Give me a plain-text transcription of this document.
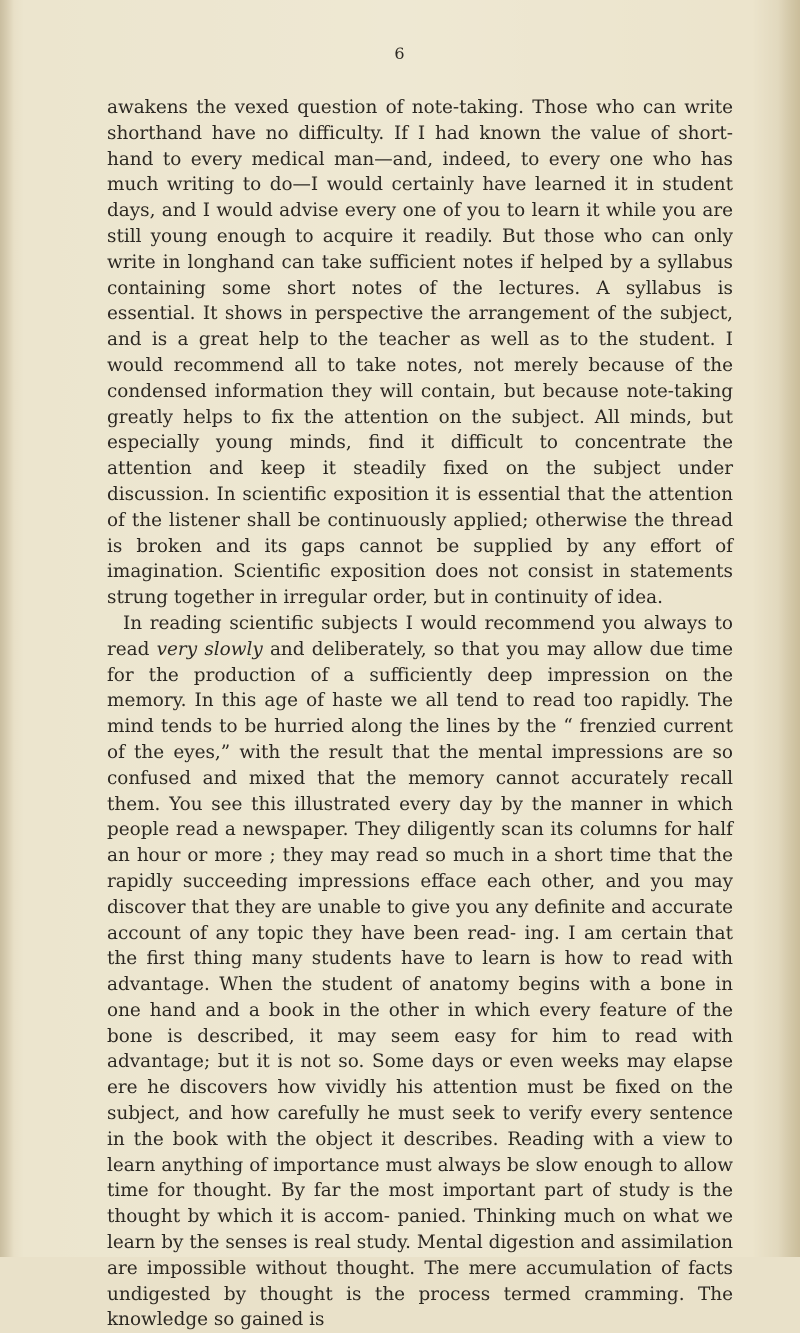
6

awakens the vexed question of note-taking. Those who can write shorthand have no difficulty. If I had known the value of short- hand to every medical man—and, indeed, to every one who has much writing to do—I would certainly have learned it in student days, and I would advise every one of you to learn it while you are still young enough to acquire it readily. But those who can only write in longhand can take sufficient notes if helped by a syllabus containing some short notes of the lectures. A syllabus is essential. It shows in perspective the arrangement of the subject, and is a great help to the teacher as well as to the student. I would recommend all to take notes, not merely because of the condensed information they will contain, but because note-taking greatly helps to fix the attention on the subject. All minds, but especially young minds, find it difficult to concentrate the attention and keep it steadily fixed on the subject under discussion. In scientific exposition it is essential that the attention of the listener shall be continuously applied; otherwise the thread is broken and its gaps cannot be supplied by any effort of imagination. Scientific exposition does not consist in statements strung together in irregular order, but in continuity of idea.

In reading scientific subjects I would recommend you always to read very slowly and deliberately, so that you may allow due time for the production of a sufficiently deep impression on the memory. In this age of haste we all tend to read too rapidly. The mind tends to be hurried along the lines by the “ frenzied current of the eyes,” with the result that the mental impressions are so confused and mixed that the memory cannot accurately recall them. You see this illustrated every day by the manner in which people read a newspaper. They diligently scan its columns for half an hour or more ; they may read so much in a short time that the rapidly succeeding impressions efface each other, and you may discover that they are unable to give you any definite and accurate account of any topic they have been read- ing. I am certain that the first thing many students have to learn is how to read with advantage. When the student of anatomy begins with a bone in one hand and a book in the other in which every feature of the bone is described, it may seem easy for him to read with advantage; but it is not so. Some days or even weeks may elapse ere he discovers how vividly his attention must be fixed on the subject, and how carefully he must seek to verify every sentence in the book with the object it describes. Reading with a view to learn anything of importance must always be slow enough to allow time for thought. By far the most important part of study is the thought by which it is accom- panied. Thinking much on what we learn by the senses is real study. Mental digestion and assimilation are impossible without thought. The mere accumulation of facts undigested by thought is the process termed cramming. The knowledge so gained is
